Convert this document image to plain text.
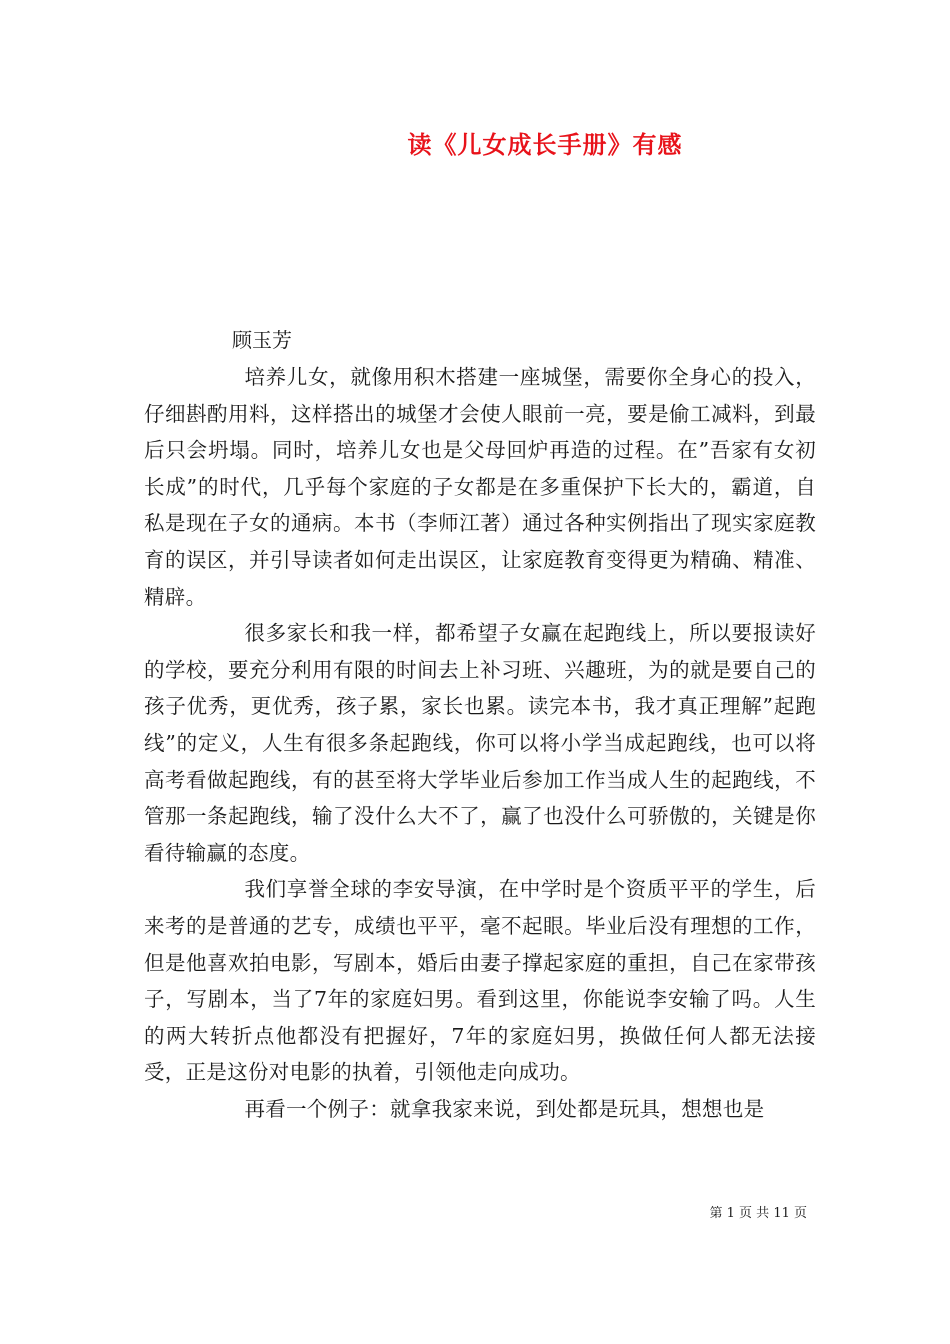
读《儿女成长手册》有感
顾玉芳

培养儿女，就像用积木搭建一座城堡，需要你全身心的投入，仔细斟酌用料，这样搭出的城堡才会使人眼前一亮，要是偷工减料，到最后只会坍塌。同时，培养儿女也是父母回炉再造的过程。在”吾家有女初长成”的时代，几乎每个家庭的子女都是在多重保护下长大的，霸道，自私是现在子女的通病。本书（李师江著）通过各种实例指出了现实家庭教育的误区，并引导读者如何走出误区，让家庭教育变得更为精确、精准、精辟。

很多家长和我一样，都希望子女赢在起跑线上，所以要报读好的学校，要充分利用有限的时间去上补习班、兴趣班，为的就是要自己的孩子优秀，更优秀，孩子累，家长也累。读完本书，我才真正理解”起跑线”的定义，人生有很多条起跑线，你可以将小学当成起跑线，也可以将高考看做起跑线，有的甚至将大学毕业后参加工作当成人生的起跑线，不管那一条起跑线，输了没什么大不了，赢了也没什么可骄傲的，关键是你看待输赢的态度。

我们享誉全球的李安导演，在中学时是个资质平平的学生，后来考的是普通的艺专，成绩也平平，毫不起眼。毕业后没有理想的工作，但是他喜欢拍电影，写剧本，婚后由妻子撑起家庭的重担，自己在家带孩子，写剧本，当了7年的家庭妇男。看到这里，你能说李安输了吗。人生的两大转折点他都没有把握好，7年的家庭妇男，换做任何人都无法接受，正是这份对电影的执着，引领他走向成功。

再看一个例子：就拿我家来说，到处都是玩具，想想也是

第 1 页 共 11 页
